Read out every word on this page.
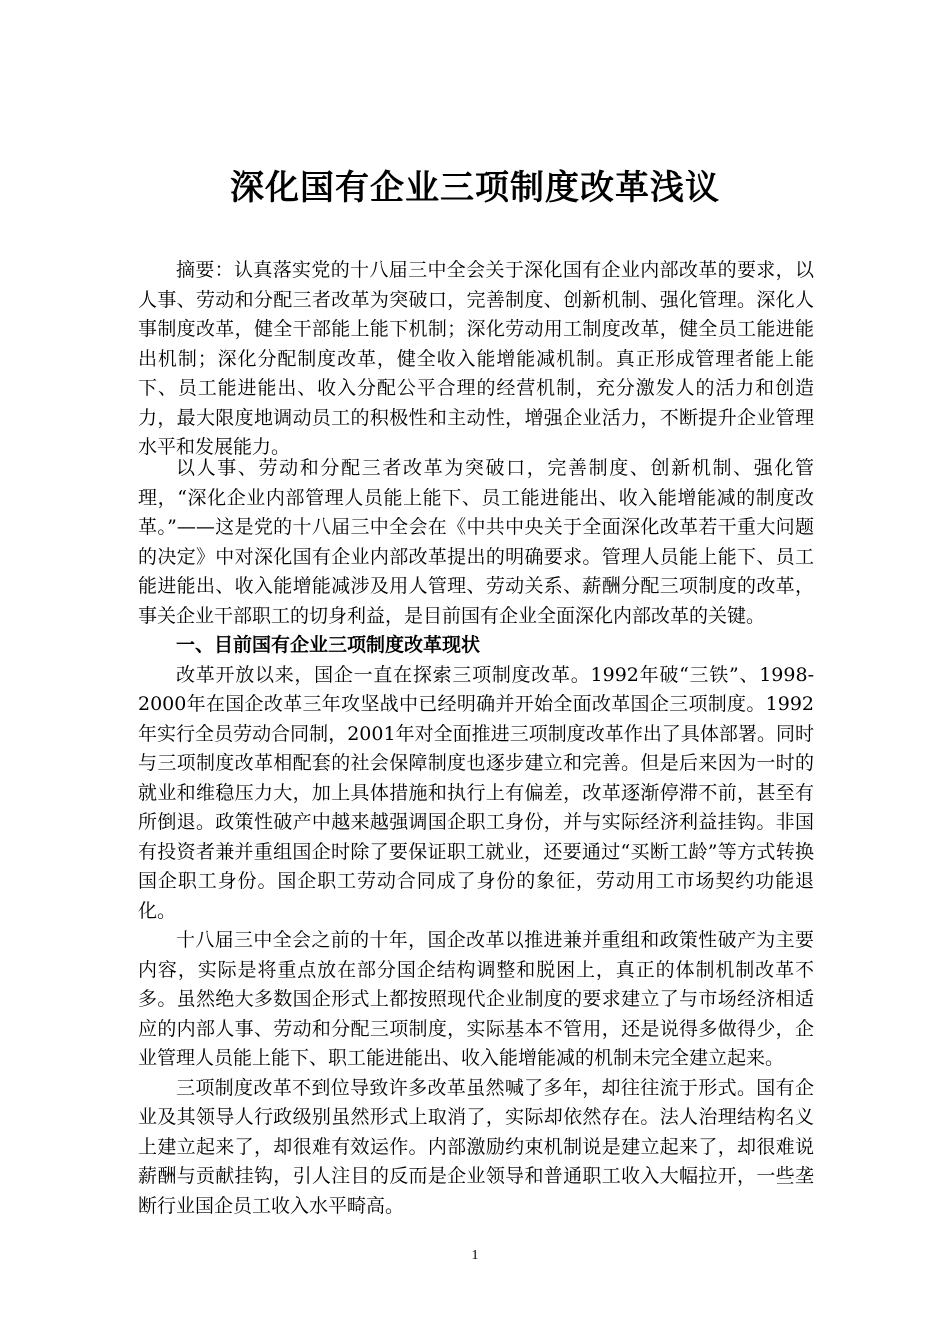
深化国有企业三项制度改革浅议

摘要：认真落实党的十八届三中全会关于深化国有企业内部改革的要求，以人事、劳动和分配三者改革为突破口，完善制度、创新机制、强化管理。深化人事制度改革，健全干部能上能下机制；深化劳动用工制度改革，健全员工能进能出机制；深化分配制度改革，健全收入能增能减机制。真正形成管理者能上能下、员工能进能出、收入分配公平合理的经营机制，充分激发人的活力和创造力，最大限度地调动员工的积极性和主动性，增强企业活力，不断提升企业管理水平和发展能力。

以人事、劳动和分配三者改革为突破口，完善制度、创新机制、强化管理，“深化企业内部管理人员能上能下、员工能进能出、收入能增能减的制度改革。”——这是党的十八届三中全会在《中共中央关于全面深化改革若干重大问题的决定》中对深化国有企业内部改革提出的明确要求。管理人员能上能下、员工能进能出、收入能增能减涉及用人管理、劳动关系、薪酬分配三项制度的改革，事关企业干部职工的切身利益，是目前国有企业全面深化内部改革的关键。

一、目前国有企业三项制度改革现状

改革开放以来，国企一直在探索三项制度改革。1992年破“三铁”、1998-2000年在国企改革三年攻坚战中已经明确并开始全面改革国企三项制度。1992年实行全员劳动合同制，2001年对全面推进三项制度改革作出了具体部署。同时与三项制度改革相配套的社会保障制度也逐步建立和完善。但是后来因为一时的就业和维稳压力大，加上具体措施和执行上有偏差，改革逐渐停滞不前，甚至有所倒退。政策性破产中越来越强调国企职工身份，并与实际经济利益挂钩。非国有投资者兼并重组国企时除了要保证职工就业，还要通过“买断工龄”等方式转换国企职工身份。国企职工劳动合同成了身份的象征，劳动用工市场契约功能退化。

十八届三中全会之前的十年，国企改革以推进兼并重组和政策性破产为主要内容，实际是将重点放在部分国企结构调整和脱困上，真正的体制机制改革不多。虽然绝大多数国企形式上都按照现代企业制度的要求建立了与市场经济相适应的内部人事、劳动和分配三项制度，实际基本不管用，还是说得多做得少，企业管理人员能上能下、职工能进能出、收入能增能减的机制未完全建立起来。

三项制度改革不到位导致许多改革虽然喊了多年，却往往流于形式。国有企业及其领导人行政级别虽然形式上取消了，实际却依然存在。法人治理结构名义上建立起来了，却很难有效运作。内部激励约束机制说是建立起来了，却很难说薪酬与贡献挂钩，引人注目的反而是企业领导和普通职工收入大幅拉开，一些垄断行业国企员工收入水平畸高。

1
